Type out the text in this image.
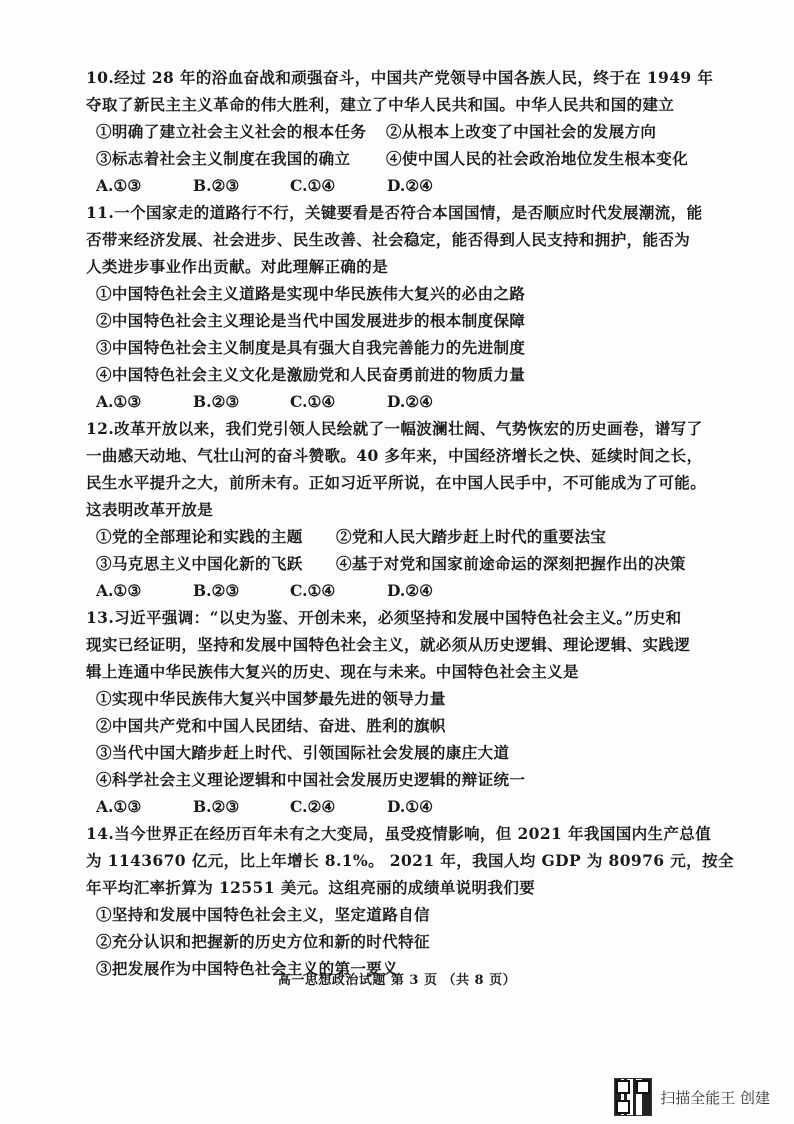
10.经过 28 年的浴血奋战和顽强奋斗，中国共产党领导中国各族人民，终于在 1949 年
夺取了新民主主义革命的伟大胜利，建立了中华人民共和国。中华人民共和国的建立
①明确了建立社会主义社会的根本任务 ②从根本上改变了中国社会的发展方向
③标志着社会主义制度在我国的确立 ④使中国人民的社会政治地位发生根本变化
A.①③	B.②③	C.①④	D.②④
11.一个国家走的道路行不行，关键要看是否符合本国国情，是否顺应时代发展潮流，能
否带来经济发展、社会进步、民生改善、社会稳定，能否得到人民支持和拥护，能否为
人类进步事业作出贡献。对此理解正确的是
①中国特色社会主义道路是实现中华民族伟大复兴的必由之路
②中国特色社会主义理论是当代中国发展进步的根本制度保障
③中国特色社会主义制度是具有强大自我完善能力的先进制度
④中国特色社会主义文化是激励党和人民奋勇前进的物质力量
A.①③	B.②③	C.①④	D.②④
12.改革开放以来，我们党引领人民绘就了一幅波澜壮阔、气势恢宏的历史画卷，谱写了
一曲感天动地、气壮山河的奋斗赞歌。40 多年来，中国经济增长之快、延续时间之长，
民生水平提升之大，前所未有。正如习近平所说，在中国人民手中，不可能成为了可能。
这表明改革开放是
①党的全部理论和实践的主题 ②党和人民大踏步赶上时代的重要法宝
③马克思主义中国化新的飞跃 ④基于对党和国家前途命运的深刻把握作出的决策
A.①③	B.②③	C.①④	D.②④
13.习近平强调：“以史为鉴、开创未来，必须坚持和发展中国特色社会主义。”历史和
现实已经证明，坚持和发展中国特色社会主义，就必须从历史逻辑、理论逻辑、实践逻
辑上连通中华民族伟大复兴的历史、现在与未来。中国特色社会主义是
①实现中华民族伟大复兴中国梦最先进的领导力量
②中国共产党和中国人民团结、奋进、胜利的旗帜
③当代中国大踏步赶上时代、引领国际社会发展的康庄大道
④科学社会主义理论逻辑和中国社会发展历史逻辑的辩证统一
A.①③	B.②③	C.②④	D.①④
14.当今世界正在经历百年未有之大变局，虽受疫情影响，但 2021 年我国国内生产总值
为 1143670 亿元，比上年增长 8.1%。 2021 年，我国人均 GDP 为 80976 元，按全
年平均汇率折算为 12551 美元。这组亮丽的成绩单说明我们要
①坚持和发展中国特色社会主义，坚定道路自信
②充分认识和把握新的历史方位和新的时代特征
③把发展作为中国特色社会主义的第一要义
高一思想政治试题 第 3 页 （共 8 页）
扫描全能王 创建
